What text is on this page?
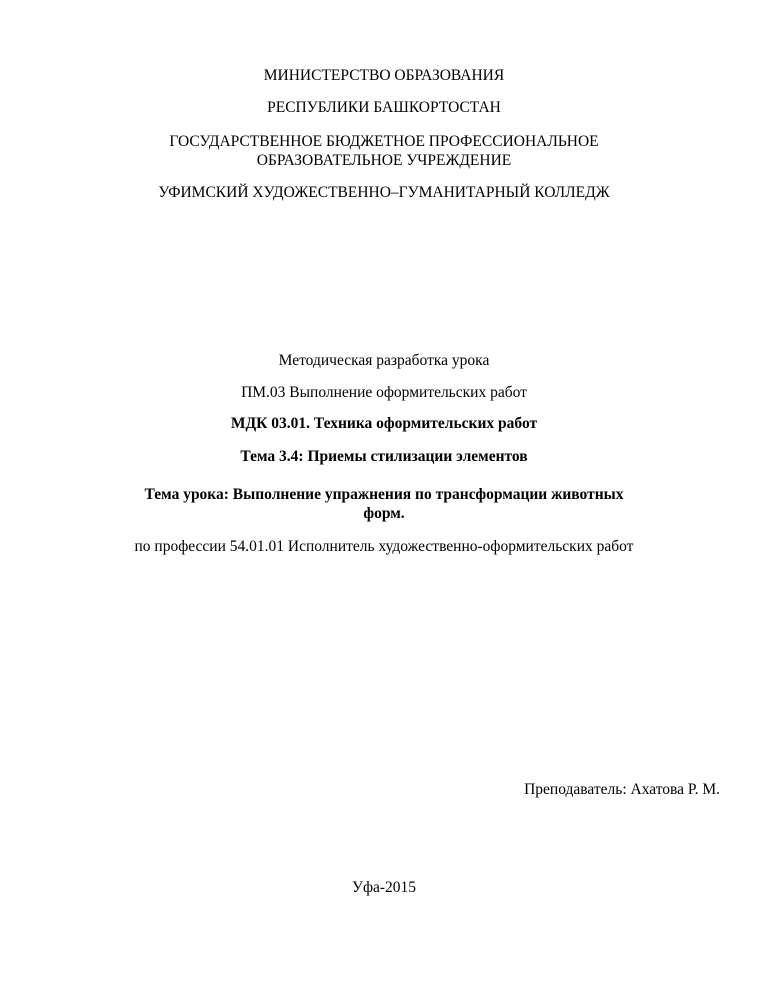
МИНИСТЕРСТВО ОБРАЗОВАНИЯ
РЕСПУБЛИКИ БАШКОРТОСТАН
ГОСУДАРСТВЕННОЕ БЮДЖЕТНОЕ ПРОФЕССИОНАЛЬНОЕ
ОБРАЗОВАТЕЛЬНОЕ УЧРЕЖДЕНИЕ
УФИМСКИЙ ХУДОЖЕСТВЕННО–ГУМАНИТАРНЫЙ КОЛЛЕДЖ
Методическая разработка урока
ПМ.03 Выполнение оформительских работ
МДК 03.01. Техника оформительских работ
Тема 3.4: Приемы стилизации элементов
Тема урока: Выполнение упражнения по трансформации животных
форм.
по профессии 54.01.01 Исполнитель художественно-оформительских работ
Преподаватель: Ахатова Р. М.
Уфа-2015
